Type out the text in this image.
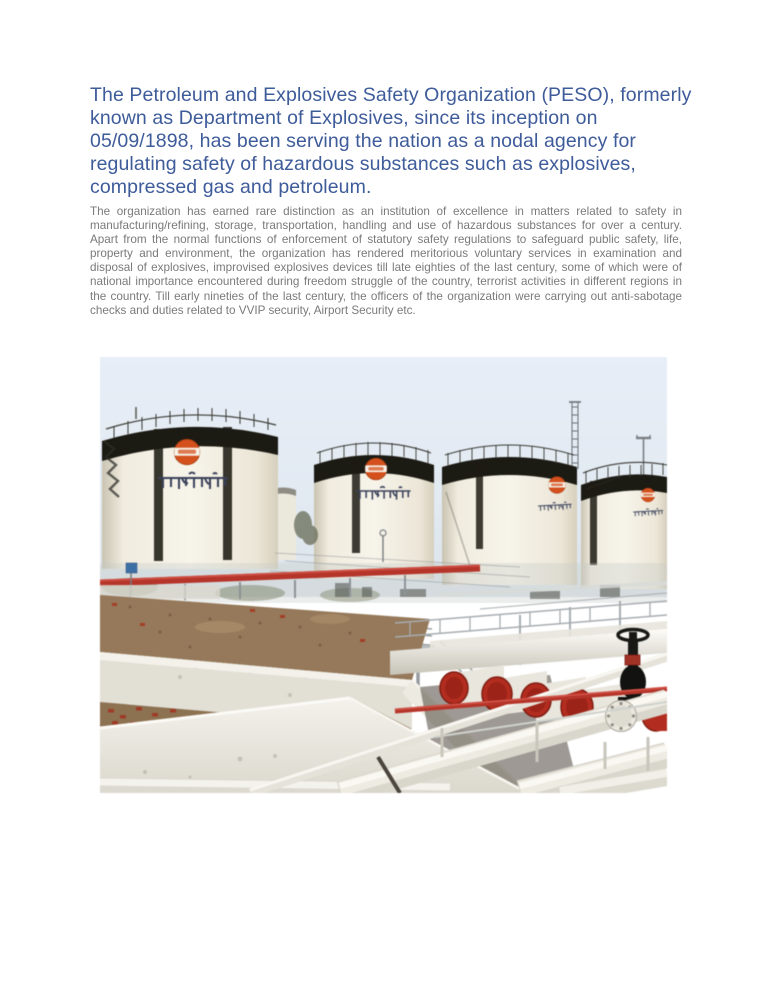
The Petroleum and Explosives Safety Organization (PESO), formerly
known as Department of Explosives, since its inception on
05/09/1898, has been serving the nation as a nodal agency for
regulating safety of hazardous substances such as explosives,
compressed gas and petroleum.

The organization has earned rare distinction as an institution of excellence in matters related to safety in manufacturing/refining, storage, transportation, handling and use of hazardous substances for over a century. Apart from the normal functions of enforcement of statutory safety regulations to safeguard public safety, life, property and environment, the organization has rendered meritorious voluntary services in examination and disposal of explosives, improvised explosives devices till late eighties of the last century, some of which were of national importance encountered during freedom struggle of the country, terrorist activities in different regions in the country. Till early nineties of the last century, the officers of the organization were carrying out anti-sabotage checks and duties related to VVIP security, Airport Security etc.
